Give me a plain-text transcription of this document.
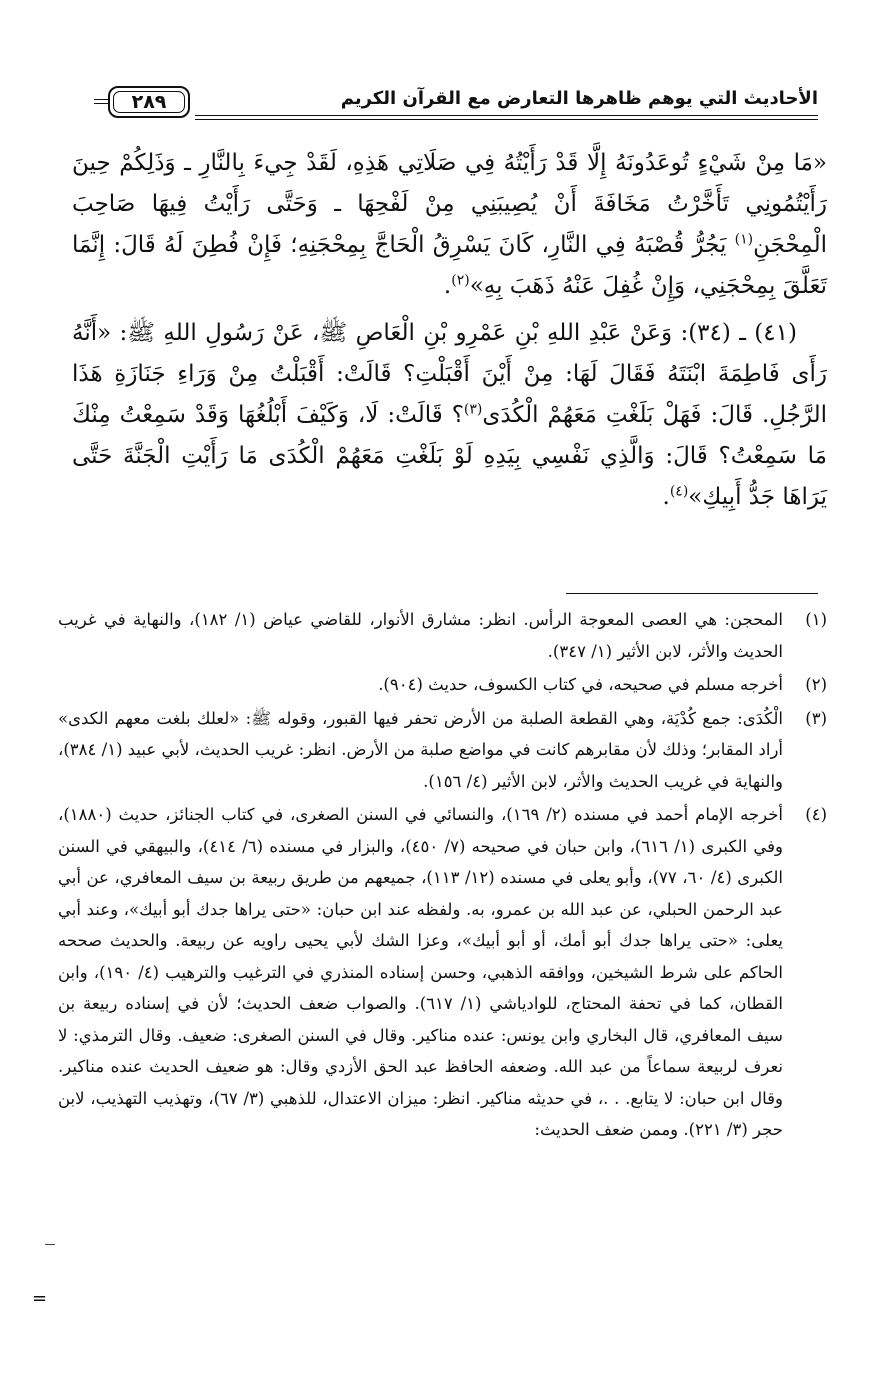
الأحاديث التي يوهم ظاهرها التعارض مع القرآن الكريم
٢٨٩

«مَا مِنْ شَيْءٍ تُوعَدُونَهُ إِلَّا قَدْ رَأَيْتُهُ فِي صَلَاتِي هَذِهِ، لَقَدْ جِيءَ بِالنَّارِ ـ وَذَلِكُمْ حِينَ رَأَيْتُمُونِي تَأَخَّرْتُ مَخَافَةَ أَنْ يُصِيبَنِي مِنْ لَفْحِهَا ـ وَحَتَّى رَأَيْتُ فِيهَا صَاحِبَ الْمِحْجَنِ$^{(١)}$ يَجُرُّ قُصْبَهُ فِي النَّارِ، كَانَ يَسْرِقُ الْحَاجَّ بِمِحْجَنِهِ؛ فَإِنْ فُطِنَ لَهُ قَالَ: إِنَّمَا تَعَلَّقَ بِمِحْجَنِي، وَإِنْ غُفِلَ عَنْهُ ذَهَبَ بِهِ»$^{(٢)}$.

(٤١) ـ (٣٤): وَعَنْ عَبْدِ اللهِ بْنِ عَمْرِو بْنِ الْعَاصِ ﷺ، عَنْ رَسُولِ اللهِ ﷺ: «أَنَّهُ رَأَى فَاطِمَةَ ابْنَتَهُ فَقَالَ لَهَا: مِنْ أَيْنَ أَقْبَلْتِ؟ قَالَتْ: أَقْبَلْتُ مِنْ وَرَاءِ جَنَازَةِ هَذَا الرَّجُلِ. قَالَ: فَهَلْ بَلَغْتِ مَعَهُمْ الْكُدَى$^{(٣)}$؟ قَالَتْ: لَا، وَكَيْفَ أَبْلُغُهَا وَقَدْ سَمِعْتُ مِنْكَ مَا سَمِعْتُ؟ قَالَ: وَالَّذِي نَفْسِي بِيَدِهِ لَوْ بَلَغْتِ مَعَهُمْ الْكُدَى مَا رَأَيْتِ الْجَنَّةَ حَتَّى يَرَاهَا جَدُّ أَبِيكِ»$^{(٤)}$.

(١)
المحجن: هي العصى المعوجة الرأس. انظر: مشارق الأنوار، للقاضي عياض (١/ ١٨٢)، والنهاية في غريب الحديث والأثر، لابن الأثير (١/ ٣٤٧).
(٢)
أخرجه مسلم في صحيحه، في كتاب الكسوف، حديث (٩٠٤).
(٣)
الْكُدَى: جمع كُدْيَة، وهي القطعة الصلبة من الأرض تحفر فيها القبور، وقوله ﷺ: «لعلك بلغت معهم الكدى» أراد المقابر؛ وذلك لأن مقابرهم كانت في مواضع صلبة من الأرض. انظر: غريب الحديث، لأبي عبيد (١/ ٣٨٤)، والنهاية في غريب الحديث والأثر، لابن الأثير (٤/ ١٥٦).
(٤)
أخرجه الإمام أحمد في مسنده (٢/ ١٦٩)، والنسائي في السنن الصغرى، في كتاب الجنائز، حديث (١٨٨٠)، وفي الكبرى (١/ ٦١٦)، وابن حبان في صحيحه (٧/ ٤٥٠)، والبزار في مسنده (٦/ ٤١٤)، والبيهقي في السنن الكبرى (٤/ ٦٠، ٧٧)، وأبو يعلى في مسنده (١٢/ ١١٣)، جميعهم من طريق ربيعة بن سيف المعافري، عن أبي عبد الرحمن الحبلي، عن عبد الله بن عمرو، به. ولفظه عند ابن حبان: «حتى يراها جدك أبو أبيك»، وعند أبي يعلى: «حتى يراها جدك أبو أمك، أو أبو أبيك»، وعزا الشك لأبي يحيى راويه عن ربيعة. والحديث صححه الحاكم على شرط الشيخين، ووافقه الذهبي، وحسن إسناده المنذري في الترغيب والترهيب (٤/ ١٩٠)، وابن القطان، كما في تحفة المحتاج، للوادياشي (١/ ٦١٧). والصواب ضعف الحديث؛ لأن في إسناده ربيعة بن سيف المعافري، قال البخاري وابن يونس: عنده مناكير. وقال في السنن الصغرى: ضعيف. وقال الترمذي: لا نعرف لربيعة سماعاً من عبد الله. وضعفه الحافظ عبد الحق الأزدي وقال: هو ضعيف الحديث عنده مناكير. وقال ابن حبان: لا يتابع. . .، في حديثه مناكير. انظر: ميزان الاعتدال، للذهبي (٣/ ٦٧)، وتهذيب التهذيب، لابن حجر (٣/ ٢٢١). وممن ضعف الحديث:
=
